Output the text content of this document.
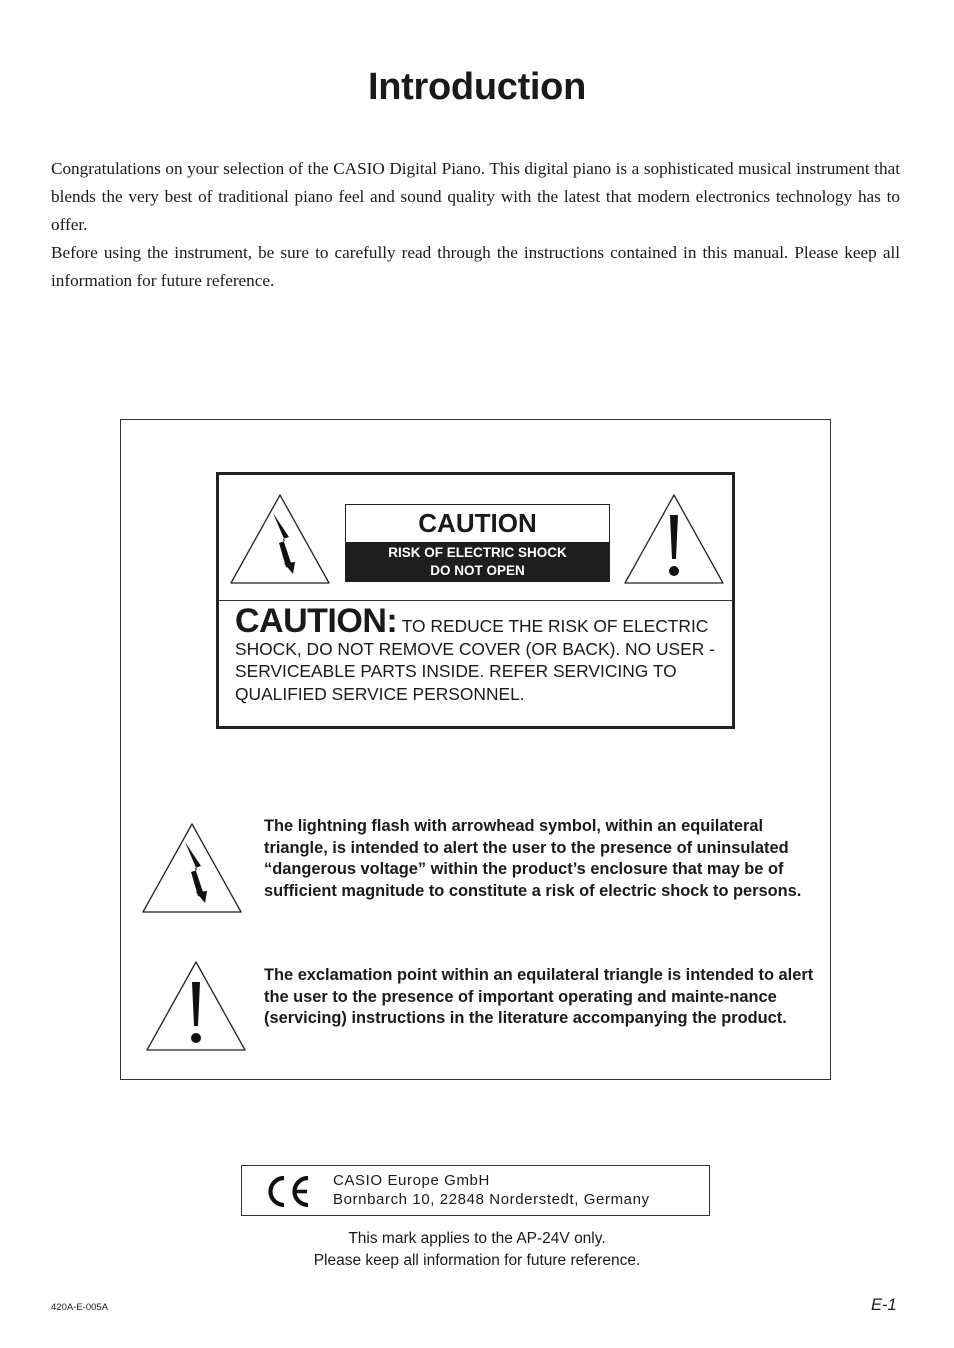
Introduction

Congratulations on your selection of the CASIO Digital Piano. This digital piano is a sophisticated musical instrument that blends the very best of traditional piano feel and sound quality with the latest that modern electronics technology has to offer.

Before using the instrument, be sure to carefully read through the instructions contained in this manual. Please keep all information for future reference.

CAUTION
RISK OF ELECTRIC SHOCK
DO NOT OPEN
CAUTION: TO REDUCE THE RISK OF ELECTRIC SHOCK, DO NOT REMOVE COVER (OR BACK). NO USER -SERVICEABLE PARTS INSIDE. REFER SERVICING TO QUALIFIED SERVICE PERSONNEL.
The lightning flash with arrowhead symbol, within an equilateral triangle, is intended to alert the user to the presence of uninsulated “dangerous voltage” within the product’s enclosure that may be of sufficient magnitude to constitute a risk of electric shock to persons.
The exclamation point within an equilateral triangle is intended to alert the user to the presence of important operating and mainte-nance (servicing) instructions in the literature accompanying the product.
CASIO Europe GmbH
Bornbarch 10, 22848 Norderstedt, Germany
This mark applies to the AP-24V only.
Please keep all information for future reference.
420A-E-005A	E-1
